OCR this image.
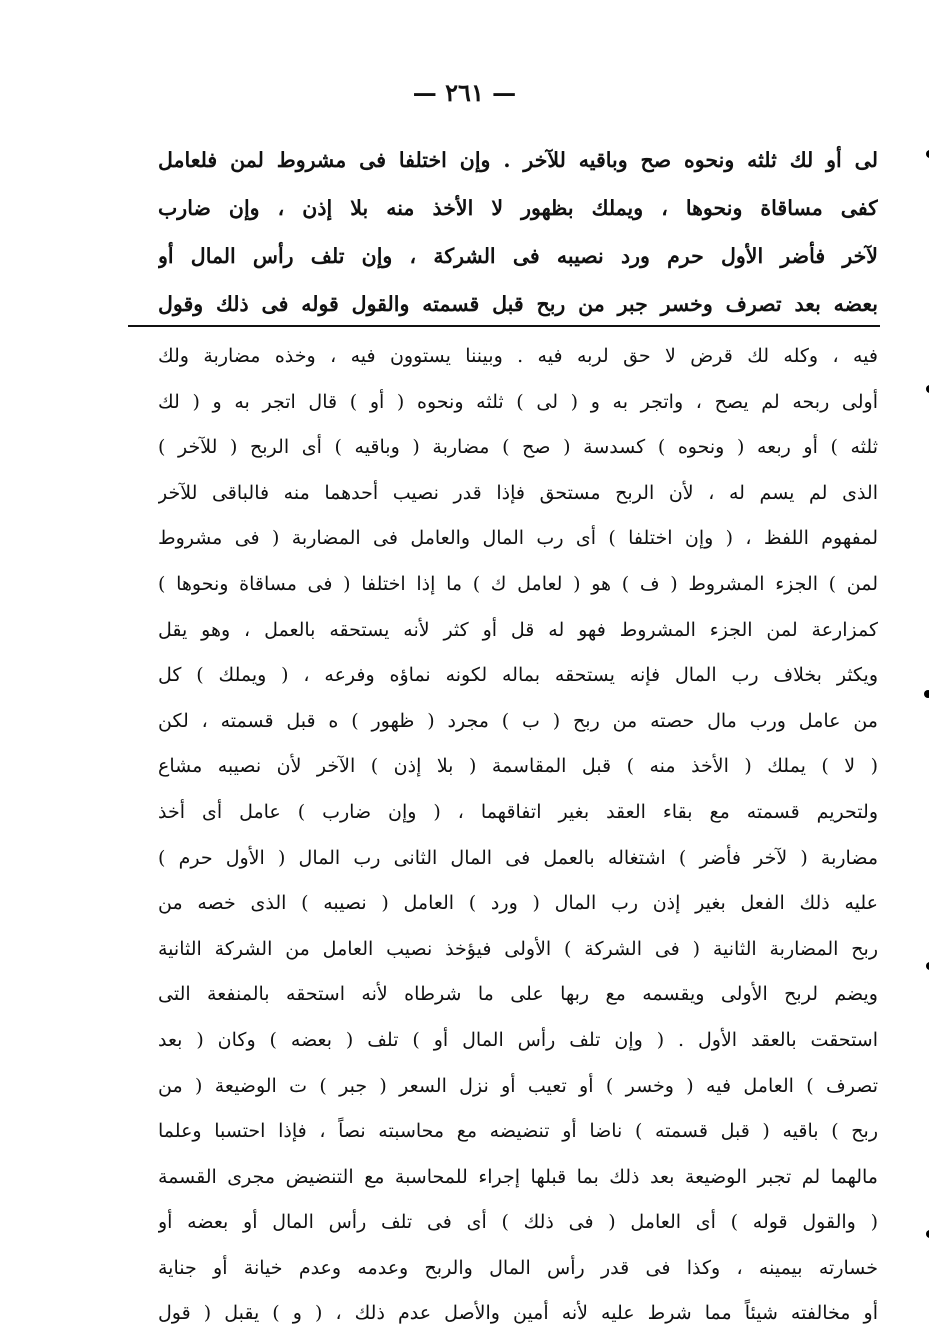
— ٢٦١ —
لى أو لك ثلثه ونحوه صح وباقيه للآخر . وإن اختلفا فى مشروط لمن فلعامل
كفى مساقاة ونحوها ، ويملك بظهور لا الأخذ منه بلا إذن ، وإن ضارب
لآخر فأضر الأول حرم ورد نصيبه فى الشركة ، وإن تلف رأس المال أو
بعضه بعد تصرف وخسر جبر من ربح قبل قسمته والقول قوله فى ذلك وقول
فيه ، وكله لك قرض لا حق لربه فيه . وبيننا يستوون فيه ، وخذه مضاربة ولك
أولى ربحه لم يصح ، واتجر به و ( لى ) ثلثه ونحوه ( أو ) قال اتجر به و ( لك
ثلثه ) أو ربعه ( ونحوه ) كسدسة ( صح ) مضاربة ( وباقيه ) أى الربح ( للآخر )
الذى لم يسم له ، لأن الربح مستحق فإذا قدر نصيب أحدهما منه فالباقى للآخر
لمفهوم اللفظ ، ( وإن اختلفا ) أى رب المال والعامل فى المضاربة ( فى مشروط
لمن ) الجزء المشروط ( ف ) هو ( لعامل ك ) ما إذا اختلفا ( فى مساقاة ونحوها )
كمزارعة لمن الجزء المشروط فهو له قل أو كثر لأنه يستحقه بالعمل ، وهو يقل
ويكثر بخلاف رب المال فإنه يستحقه بماله لكونه نماؤه وفرعه ، ( ويملك ) كل
من عامل ورب مال حصته من ربح ( ب ) مجرد ( ظهور ) ه قبل قسمته ، لكن
( لا ) يملك ( الأخذ منه ) قبل المقاسمة ( بلا إذن ) الآخر لأن نصيبه مشاع
ولتحريم قسمته مع بقاء العقد بغير اتفاقهما ، ( وإن ضارب ) عامل أى أخذ
مضاربة ( لآخر فأضر ) اشتغاله بالعمل فى المال الثانى رب المال ( الأول حرم )
عليه ذلك الفعل بغير إذن رب المال ( ورد ) العامل ( نصيبه ) الذى خصه من
ربح المضاربة الثانية ( فى الشركة ) الأولى فيؤخذ نصيب العامل من الشركة الثانية
ويضم لربح الأولى ويقسمه مع ربها على ما شرطاه لأنه استحقه بالمنفعة التى
استحقت بالعقد الأول . ( وإن تلف رأس المال أو ) تلف ( بعضه ) وكان ( بعد
تصرف ) العامل فيه ( وخسر ) أو تعيب أو نزل السعر ( جبر ) ت الوضيعة ( من
ربح ) باقيه ( قبل قسمته ) ناضا أو تنضيضه مع محاسبته نصاً ، فإذا احتسبا وعلما
مالهما لم تجبر الوضيعة بعد ذلك بما قبلها إجراء للمحاسبة مع التنضيض مجرى القسمة
( والقول قوله ) أى العامل ( فى ذلك ) أى فى تلف رأس المال أو بعضه أو
خسارته بيمينه ، وكذا فى قدر رأس المال والربح وعدمه وعدم خيانة أو جناية
أو مخالفته شيئاً مما شرط عليه لأنه أمين والأصل عدم ذلك ، ( و ) يقبل ( قول
